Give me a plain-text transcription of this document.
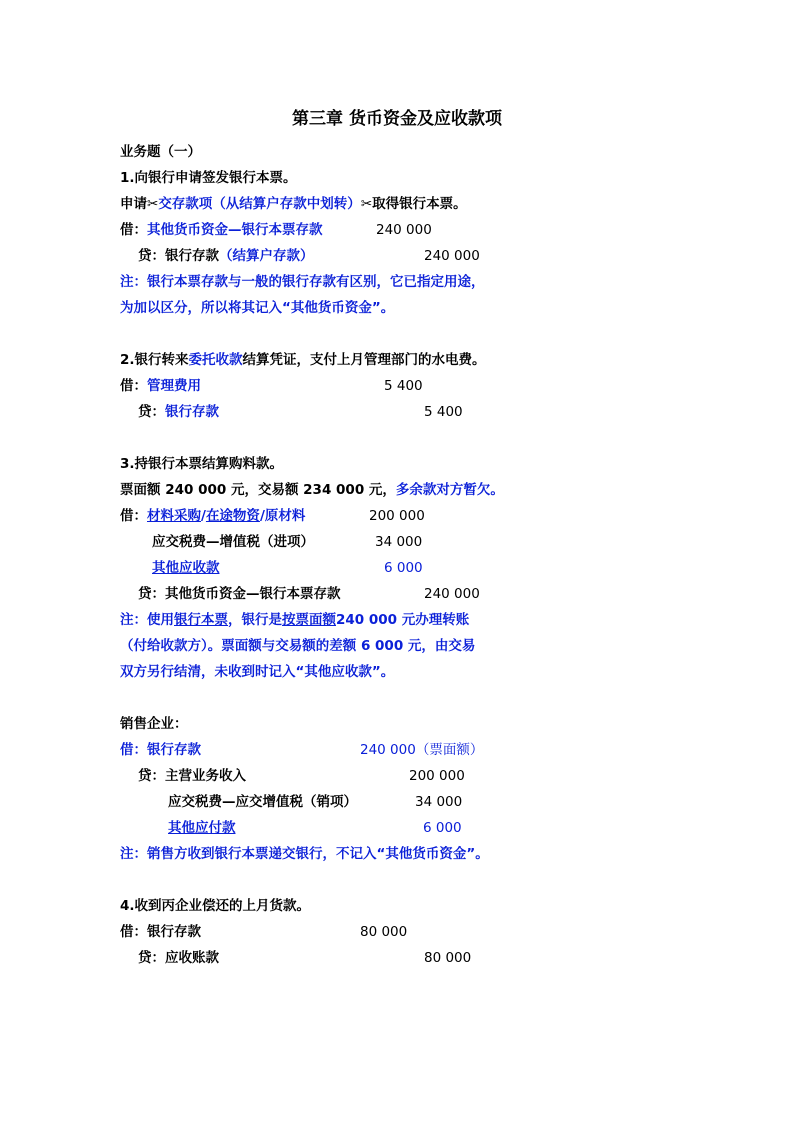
第三章 货币资金及应收款项
业务题（一）
1.向银行申请签发银行本票。
申请✂交存款项（从结算户存款中划转）✂取得银行本票。
借：其他货币资金—银行本票存款	240 000
贷：银行存款（结算户存款）	240 000
注：银行本票存款与一般的银行存款有区别，它已指定用途，
为加以区分，所以将其记入“其他货币资金”。
2.银行转来委托收款结算凭证，支付上月管理部门的水电费。
借：管理费用	5 400
贷：银行存款	5 400
3.持银行本票结算购料款。
票面额 240 000 元，交易额 234 000 元，多余款对方暂欠。
借：材料采购/在途物资/原材料	200 000
应交税费—增值税（进项）	34 000
其他应收款	6 000
贷：其他货币资金—银行本票存款	240 000
注：使用银行本票，银行是按票面额240 000 元办理转账
（付给收款方）。票面额与交易额的差额 6 000 元，由交易
双方另行结清，未收到时记入“其他应收款”。
销售企业：
借：银行存款	240 000（票面额）
贷：主营业务收入	200 000
应交税费—应交增值税（销项）	34 000
其他应付款	6 000
注：销售方收到银行本票递交银行，不记入“其他货币资金”。
4.收到丙企业偿还的上月货款。
借：银行存款	80 000
贷：应收账款	80 000
